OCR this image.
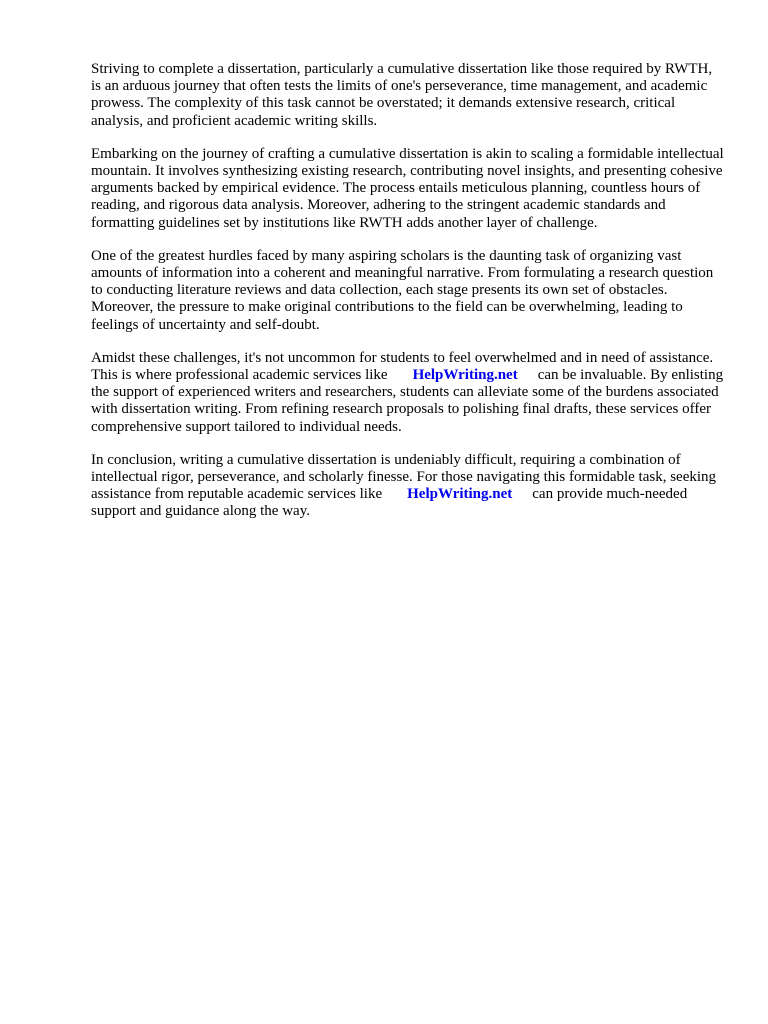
Striving to complete a dissertation, particularly a cumulative dissertation like those required by RWTH, is an arduous journey that often tests the limits of one's perseverance, time management, and academic prowess. The complexity of this task cannot be overstated; it demands extensive research, critical analysis, and proficient academic writing skills.

Embarking on the journey of crafting a cumulative dissertation is akin to scaling a formidable intellectual mountain. It involves synthesizing existing research, contributing novel insights, and presenting cohesive arguments backed by empirical evidence. The process entails meticulous planning, countless hours of reading, and rigorous data analysis. Moreover, adhering to the stringent academic standards and formatting guidelines set by institutions like RWTH adds another layer of challenge.

One of the greatest hurdles faced by many aspiring scholars is the daunting task of organizing vast amounts of information into a coherent and meaningful narrative. From formulating a research question to conducting literature reviews and data collection, each stage presents its own set of obstacles. Moreover, the pressure to make original contributions to the field can be overwhelming, leading to feelings of uncertainty and self-doubt.

Amidst these challenges, it's not uncommon for students to feel overwhelmed and in need of assistance. This is where professional academic services like HelpWriting.net can be invaluable. By enlisting the support of experienced writers and researchers, students can alleviate some of the burdens associated with dissertation writing. From refining research proposals to polishing final drafts, these services offer comprehensive support tailored to individual needs.

In conclusion, writing a cumulative dissertation is undeniably difficult, requiring a combination of intellectual rigor, perseverance, and scholarly finesse. For those navigating this formidable task, seeking assistance from reputable academic services like HelpWriting.net can provide much-needed support and guidance along the way.
